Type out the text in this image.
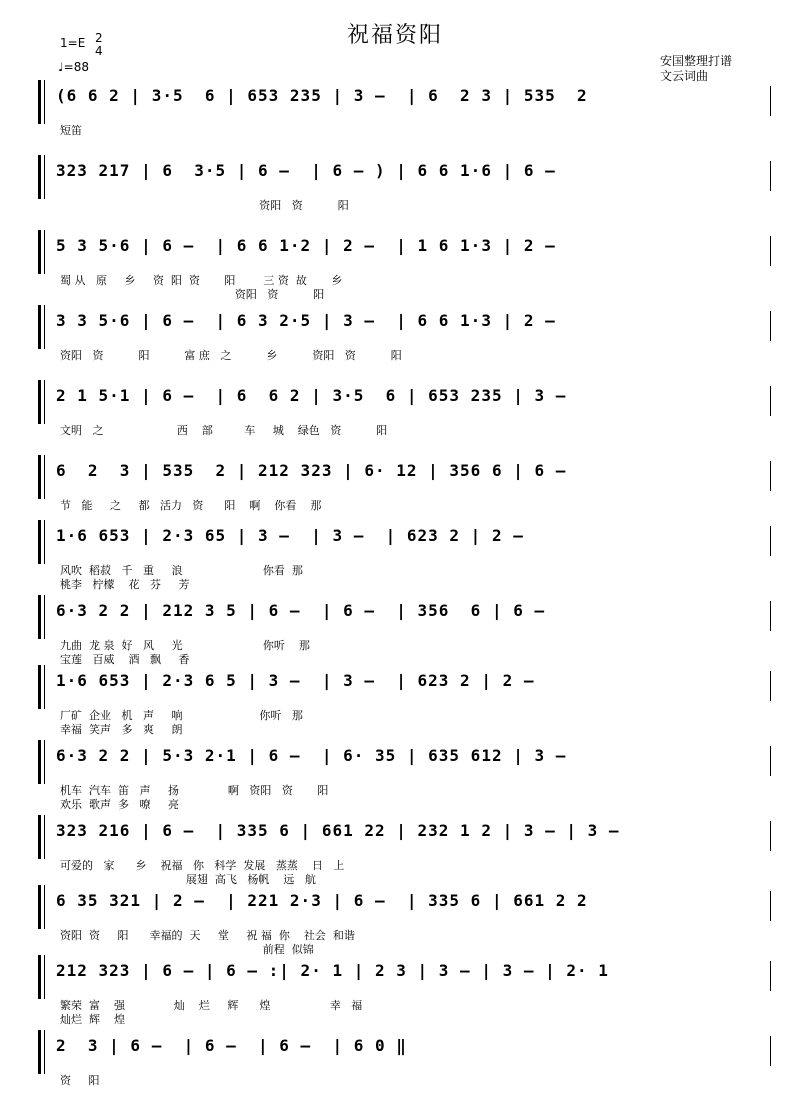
祝福资阳
1=E 2
4
♩=88	安国整理打谱
文云词曲
(6 6 2 | 3·5  6 | 653 235 | 3 –  | 6  2 3 | 535  2
短笛
323 217 | 6  3·5 | 6 –  | 6 – ) | 6 6 1·6 | 6 –
资阳   资          阳
5 3 5·6 | 6 –  | 6 6 1·2 | 2 –  | 1 6 1·3 | 2 –
蜀 从   原     乡     资  阳  资       阳        三 资  故       乡
资阳   资          阳
3 3 5·6 | 6 –  | 6 3 2·5 | 3 –  | 6 6 1·3 | 2 –
资阳   资          阳          富 庶   之          乡          资阳   资          阳
2 1 5·1 | 6 –  | 6  6 2 | 3·5  6 | 653 235 | 3 –
文明   之                     西    部         车     城    绿色   资          阳
6  2  3 | 535  2 | 212 323 | 6· 12 | 356 6 | 6 –
节   能     之     都   活力   资      阳    啊    你看    那
1·6 653 | 2·3 65 | 3 –  | 3 –  | 623 2 | 2 –
风吹  稻菽   千   重     浪                       你看  那
桃李   柠檬    花   芬     芳
6·3 2 2 | 212 3 5 | 6 –  | 6 –  | 356  6 | 6 –
九曲  龙 泉  好   风     光                       你听    那
宝莲   百威    酒   飘     香
1·6 653 | 2·3 6 5 | 3 –  | 3 –  | 623 2 | 2 –
厂矿  企业   机   声     响                      你听   那
幸福  笑声   多   爽     朗
6·3 2 2 | 5·3 2·1 | 6 –  | 6· 35 | 635 612 | 3 –
机车  汽车  笛   声     扬              啊   资阳   资       阳
欢乐  歌声  多   嘹     亮
323 216 | 6 –  | 335 6 | 661 22 | 232 1 2 | 3 – | 3 –
可爱的   家      乡    祝福   你   科学  发展   蒸蒸    日   上
展翅  高飞   杨帆    远   航
6 35 321 | 2 –  | 221 2·3 | 6 –  | 335 6 | 661 2 2
资阳  资     阳      幸福的  天     堂     祝 福  你    社会  和谐
前程  似锦
212 323 | 6 – | 6 – :| 2· 1 | 2 3 | 3 – | 3 – | 2· 1
繁荣  富    强              灿    烂     辉      煌                 幸   福
灿烂  辉    煌
2  3 | 6 –  | 6 –  | 6 –  | 6 0 ‖
资     阳
